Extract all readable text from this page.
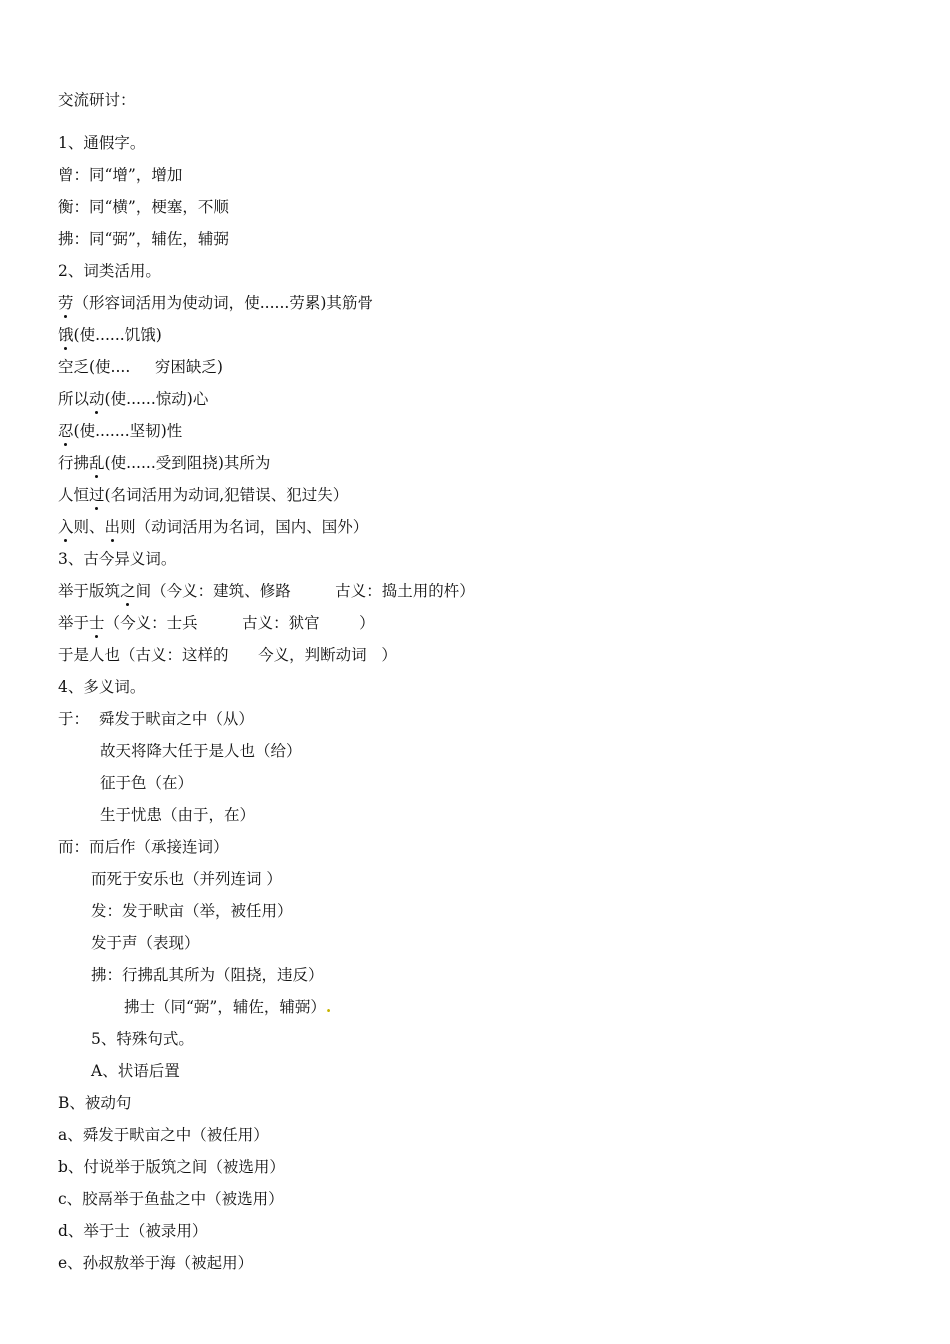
交流研讨：
1、通假字。
曾：同“增”，增加
衡：同“横”，梗塞，不顺
拂：同“弼”，辅佐，辅弼
2、词类活用。
劳（形容词活用为使动词，使......劳累)其筋骨
饿(使......饥饿)
空乏(使....     穷困缺乏)
所以动(使......惊动)心
忍(使.......坚韧)性
行拂乱(使......受到阻挠)其所为
人恒过(名词活用为动词,犯错误、犯过失）
入则、出则（动词活用为名词，国内、国外）
3、古今异义词。
举于版筑之间（今义：建筑、修路	古义：捣土用的杵）
举于士（今义：士兵	古义：狱官	）
于是人也（古义：这样的      今义，判断动词   ）
4、多义词。
于：  舜发于畎亩之中（从）
故天将降大任于是人也（给）
征于色（在）
生于忧患（由于，在）
而：而后作（承接连词）
而死于安乐也（并列连词 ）
发：发于畎亩（举，被任用）
发于声（表现）
拂：行拂乱其所为（阻挠，违反）
拂士（同“弼”，辅佐，辅弼）.
5、特殊句式。
A、状语后置
B、被动句
a、舜发于畎亩之中（被任用）
b、付说举于版筑之间（被选用）
c、胶鬲举于鱼盐之中（被选用）
d、举于士（被录用）
e、孙叔敖举于海（被起用）
